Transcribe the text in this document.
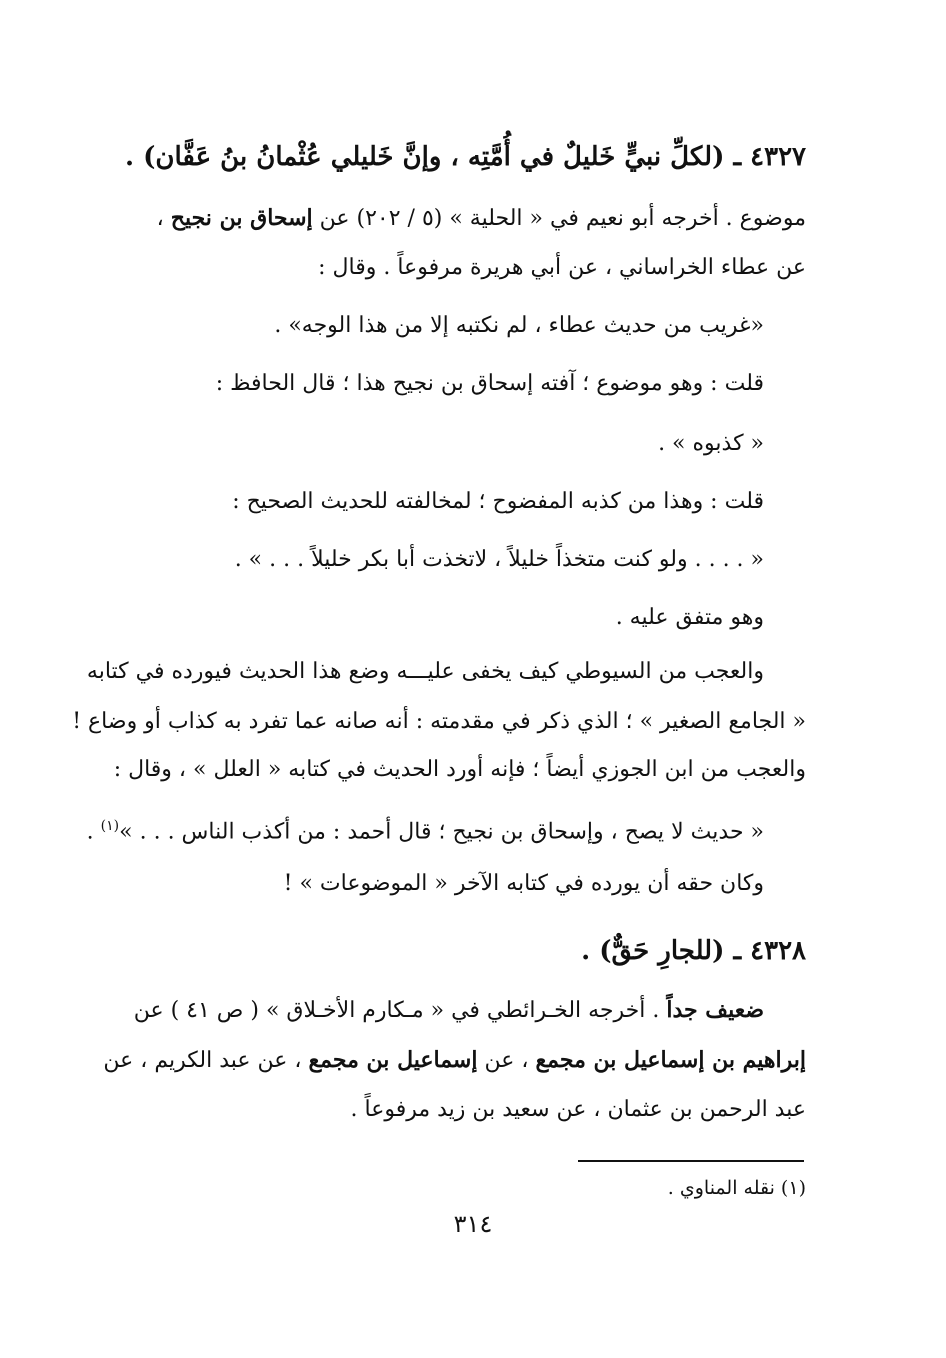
٤٣٢٧ ـ (لكلِّ نبيٍّ خَليلٌ في أُمَّتِه ، وإنَّ خَليلي عُثْمانُ بنُ عَفَّان) .
موضوع . أخرجه أبو نعيم في « الحلية » (٥ / ٢٠٢) عن إسحاق بن نجيح ،
عن عطاء الخراساني ، عن أبي هريرة مرفوعاً . وقال :
«غريب من حديث عطاء ، لم نكتبه إلا من هذا الوجه» .
قلت : وهو موضوع ؛ آفته إسحاق بن نجيح هذا ؛ قال الحافظ :
« كذبوه » .
قلت : وهذا من كذبه المفضوح ؛ لمخالفته للحديث الصحيح :
« . . . . ولو كنت متخذاً خليلاً ، لاتخذت أبا بكر خليلاً . . . » .
وهو متفق عليه .
والعجب من السيوطي كيف يخفى عليـــه وضع هذا الحديث فيورده في كتابه
« الجامع الصغير » ؛ الذي ذكر في مقدمته : أنه صانه عما تفرد به كذاب أو وضاع !
والعجب من ابن الجوزي أيضاً ؛ فإنه أورد الحديث في كتابه « العلل » ، وقال :
« حديث لا يصح ، وإسحاق بن نجيح ؛ قال أحمد : من أكذب الناس . . . »$^{(١)}$ .
وكان حقه أن يورده في كتابه الآخر « الموضوعات » !
٤٣٢٨ ـ (للجارِ حَقٌّ) .
ضعيف جداً . أخرجه الخـرائطي في « مـكارم الأخـلاق » ( ص ٤١ ) عن
إبراهيم بن إسماعيل بن مجمع ، عن إسماعيل بن مجمع ، عن عبد الكريم ، عن
عبد الرحمن بن عثمان ، عن سعيد بن زيد مرفوعاً .
(١) نقله المناوي .
٣١٤
